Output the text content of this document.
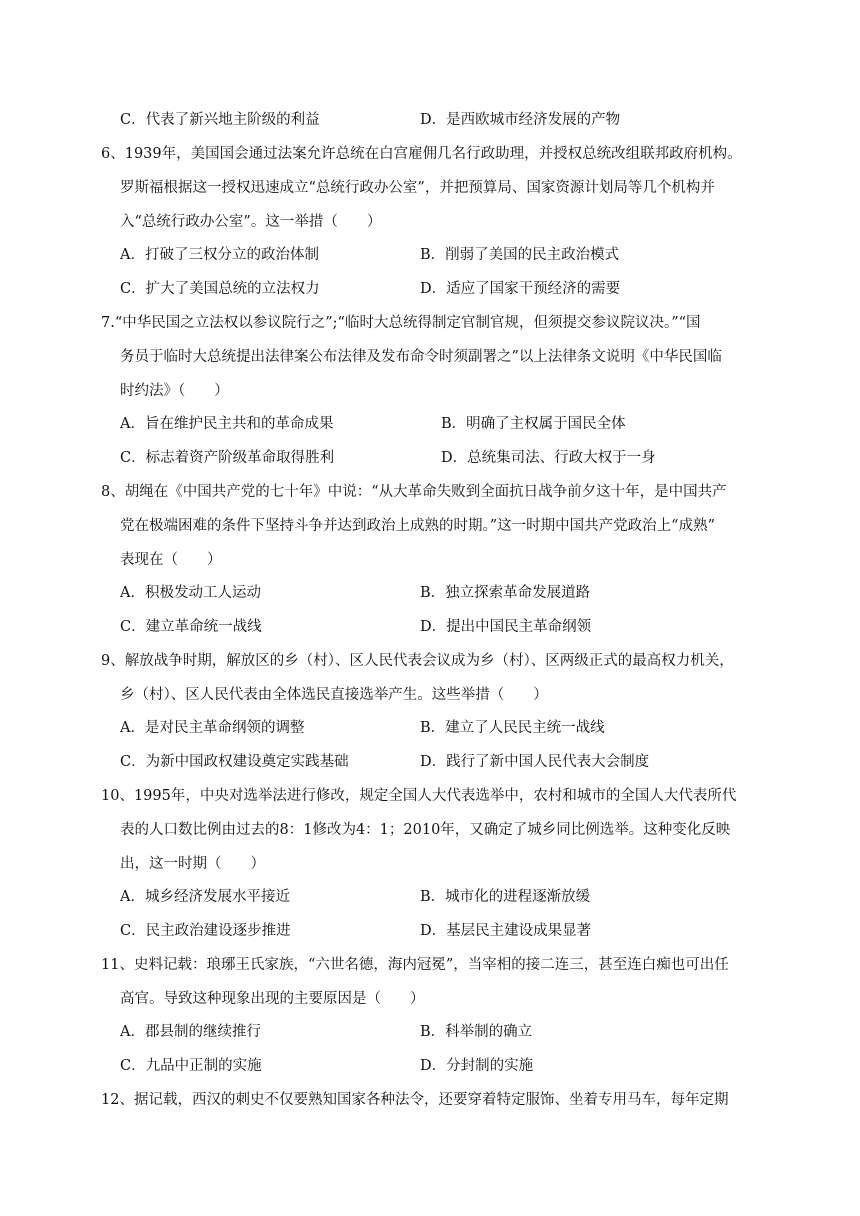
C．代表了新兴地主阶级的利益	D．是西欧城市经济发展的产物
6、1939年，美国国会通过法案允许总统在白宫雇佣几名行政助理，并授权总统改组联邦政府机构。
罗斯福根据这一授权迅速成立“总统行政办公室”，并把预算局、国家资源计划局等几个机构并
入“总统行政办公室”。这一举措（　　）
A．打破了三权分立的政治体制	B．削弱了美国的民主政治模式
C．扩大了美国总统的立法权力	D．适应了国家干预经济的需要
7.“中华民国之立法权以参议院行之”;“临时大总统得制定官制官规，但须提交参议院议决。”“国
务员于临时大总统提出法律案公布法律及发布命令时须副署之”以上法律条文说明《中华民国临
时约法》（　　）
A．旨在维护民主共和的革命成果	B．明确了主权属于国民全体
C．标志着资产阶级革命取得胜利	D．总统集司法、行政大权于一身
8、胡绳在《中国共产党的七十年》中说：“从大革命失败到全面抗日战争前夕这十年，是中国共产
党在极端困难的条件下坚持斗争并达到政治上成熟的时期。”这一时期中国共产党政治上“成熟”
表现在（　　）
A．积极发动工人运动	B．独立探索革命发展道路
C．建立革命统一战线	D．提出中国民主革命纲领
9、解放战争时期，解放区的乡（村）、区人民代表会议成为乡（村）、区两级正式的最高权力机关，
乡（村）、区人民代表由全体选民直接选举产生。这些举措（　　）
A．是对民主革命纲领的调整	B．建立了人民民主统一战线
C．为新中国政权建设奠定实践基础	D．践行了新中国人民代表大会制度
10、1995年，中央对选举法进行修改，规定全国人大代表选举中，农村和城市的全国人大代表所代
表的人口数比例由过去的8：1修改为4：1；2010年，又确定了城乡同比例选举。这种变化反映
出，这一时期（　　）
A．城乡经济发展水平接近	B．城市化的进程逐渐放缓
C．民主政治建设逐步推进	D．基层民主建设成果显著
11、史料记载：琅琊王氏家族，“六世名德，海内冠冕”，当宰相的接二连三，甚至连白痴也可出任
高官。导致这种现象出现的主要原因是（　　）
A．郡县制的继续推行	B．科举制的确立
C．九品中正制的实施	D．分封制的实施
12、据记载，西汉的刺史不仅要熟知国家各种法令，还要穿着特定服饰、坐着专用马车，每年定期
